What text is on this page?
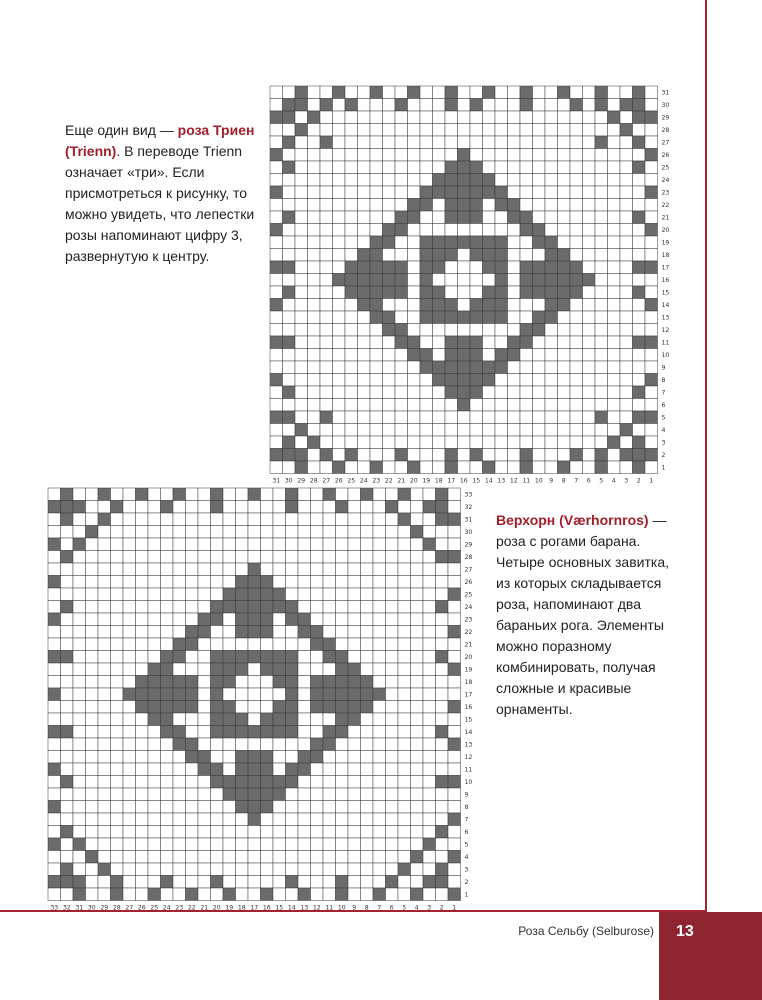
Еще один вид — роза Триен (Trienn). В переводе Trienn означает «три». Если присмотреться к рисунку, то можно увидеть, что лепестки розы напоминают цифру 3, развернутую к центру.

Верхорн (Værhornros) — роза с рогами барана. Четыре основных завитка, из которых складывается роза, напоминают два бараньих рога. Элементы можно поразному комбинировать, получая сложные и красивые орнаменты.

31
30
29
28
27
26
25
24
23
22
21
20
19
18
17
16
15
14
13
12
11
10
9
8
7
6
5
4
3
2
1
31 30 29 28 27 26 25 24 23 22 21 20 19 18 17 16 15 14 13 12 11 10 9 8 7 6 5 4 3 2 1
33
32
31
30
29
28
27
26
25
24
23
22
21
20
19
18
17
16
15
14
13
12
11
10
9
8
7
6
5
4
3
2
1
33 32 31 30 29 28 27 26 25 24 23 22 21 20 19 18 17 16 15 14 13 12 11 10 9 8 7 6 5 4 3 2 1
Роза Сельбу (Selburose)	13
